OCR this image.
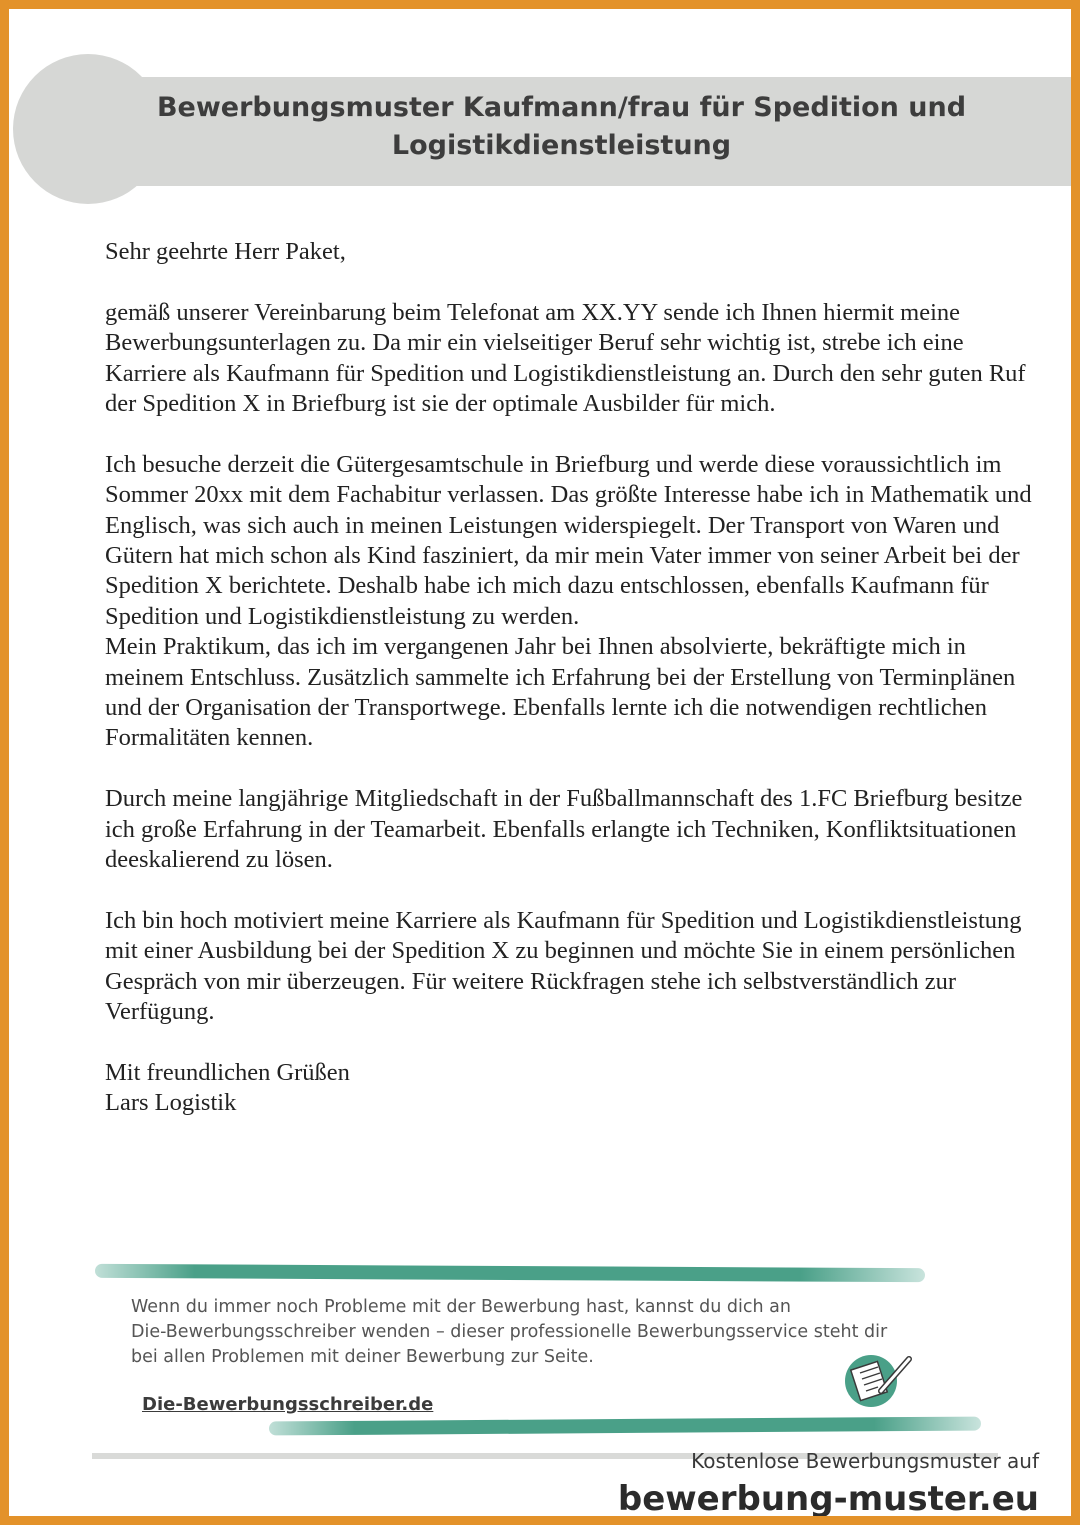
Bewerbungsmuster Kaufmann/frau für Spedition und
Logistikdienstleistung

Sehr geehrte Herr Paket,

gemäß unserer Vereinbarung beim Telefonat am XX.YY sende ich Ihnen hiermit meine Bewerbungsunterlagen zu. Da mir ein vielseitiger Beruf sehr wichtig ist, strebe ich eine Karriere als Kaufmann für Spedition und Logistikdienstleistung an. Durch den sehr guten Ruf der Spedition X in Briefburg ist sie der optimale Ausbilder für mich.

Ich besuche derzeit die Gütergesamtschule in Briefburg und werde diese voraussichtlich im Sommer 20xx mit dem Fachabitur verlassen. Das größte Interesse habe ich in Mathematik und Englisch, was sich auch in meinen Leistungen widerspiegelt. Der Transport von Waren und Gütern hat mich schon als Kind fasziniert, da mir mein Vater immer von seiner Arbeit bei der Spedition X berichtete. Deshalb habe ich mich dazu entschlossen, ebenfalls Kaufmann für Spedition und Logistikdienstleistung zu werden.

Mein Praktikum, das ich im vergangenen Jahr bei Ihnen absolvierte, bekräftigte mich in meinem Entschluss. Zusätzlich sammelte ich Erfahrung bei der Erstellung von Terminplänen und der Organisation der Transportwege. Ebenfalls lernte ich die notwendigen rechtlichen Formalitäten kennen.

Durch meine langjährige Mitgliedschaft in der Fußballmannschaft des 1.FC Briefburg besitze ich große Erfahrung in der Teamarbeit. Ebenfalls erlangte ich Techniken, Konfliktsituationen deeskalierend zu lösen.

Ich bin hoch motiviert meine Karriere als Kaufmann für Spedition und Logistikdienstleistung mit einer Ausbildung bei der Spedition X zu beginnen und möchte Sie in einem persönlichen Gespräch von mir überzeugen. Für weitere Rückfragen stehe ich selbstverständlich zur Verfügung.

Mit freundlichen Grüßen

Lars Logistik

Wenn du immer noch Probleme mit der Bewerbung hast, kannst du dich an
Die-Bewerbungsschreiber wenden – dieser professionelle Bewerbungsservice steht dir
bei allen Problemen mit deiner Bewerbung zur Seite.
Die-Bewerbungsschreiber.de
Kostenlose Bewerbungsmuster auf
bewerbung-muster.eu
